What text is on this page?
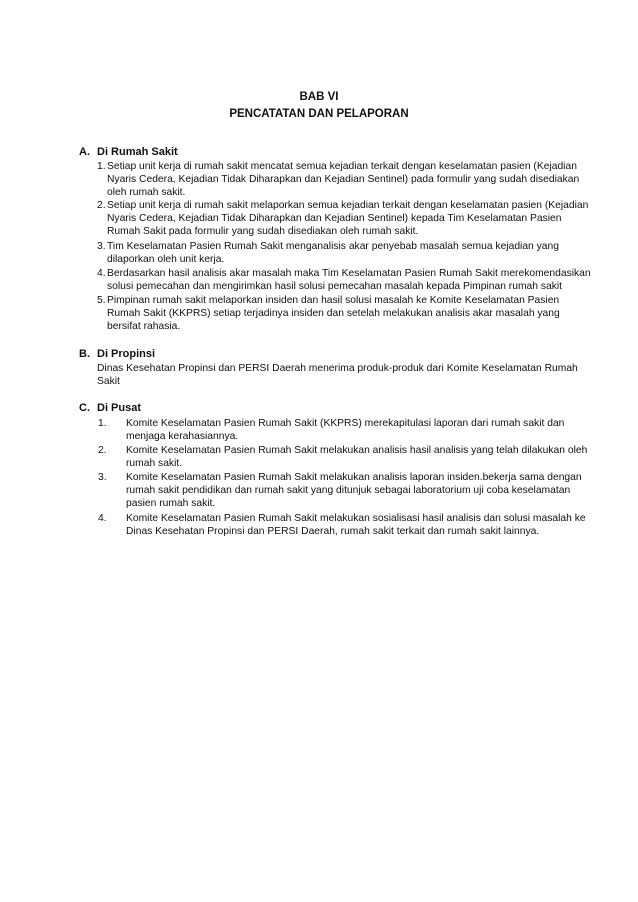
BAB VI
PENCATATAN DAN PELAPORAN
A. Di Rumah Sakit
1. Setiap unit kerja di rumah sakit mencatat semua kejadian terkait dengan keselamatan pasien (Kejadian
Nyaris Cedera, Kejadian Tidak Diharapkan dan Kejadian Sentinel) pada formulir yang sudah disediakan
oleh rumah sakit.
2. Setiap unit kerja di rumah sakit melaporkan semua kejadian terkait dengan keselamatan pasien (Kejadian
Nyaris Cedera, Kejadian Tidak Diharapkan dan Kejadian Sentinel) kepada Tim Keselamatan Pasien
Rumah Sakit pada formulir yang sudah disediakan oleh rumah sakit.
3. Tim Keselamatan Pasien Rumah Sakit menganalisis akar penyebab masalah semua kejadian yang
dilaporkan oleh unit kerja.
4. Berdasarkan hasil analisis akar masalah maka Tim Keselamatan Pasien Rumah Sakit merekomendasikan
solusi pemecahan dan mengirimkan hasil solusi pemecahan masalah kepada Pimpinan rumah sakit
5. Pimpinan rumah sakit melaporkan insiden dan hasil solusi masalah ke Komite Keselamatan Pasien
Rumah Sakit (KKPRS) setiap terjadinya insiden dan setelah melakukan analisis akar masalah yang
bersifat rahasia.
B. Di Propinsi
Dinas Kesehatan Propinsi dan PERSI Daerah menerima produk-produk dari Komite Keselamatan Rumah
Sakit
C. Di Pusat
1. Komite Keselamatan Pasien Rumah Sakit (KKPRS) merekapitulasi laporan dari rumah sakit dan
menjaga kerahasiannya.
2. Komite Keselamatan Pasien Rumah Sakit melakukan analisis hasil analisis yang telah dilakukan oleh
rumah sakit.
3. Komite Keselamatan Pasien Rumah Sakit melakukan analisis laporan insiden.bekerja sama dengan
rumah sakit pendidikan dan rumah sakit yang ditunjuk sebagai laboratorium uji coba keselamatan
pasien rumah sakit.
4. Komite Keselamatan Pasien Rumah Sakit melakukan sosialisasi hasil analisis dan solusi masalah ke
Dinas Kesehatan Propinsi dan PERSI Daerah, rumah sakit terkait dan rumah sakit lainnya.
